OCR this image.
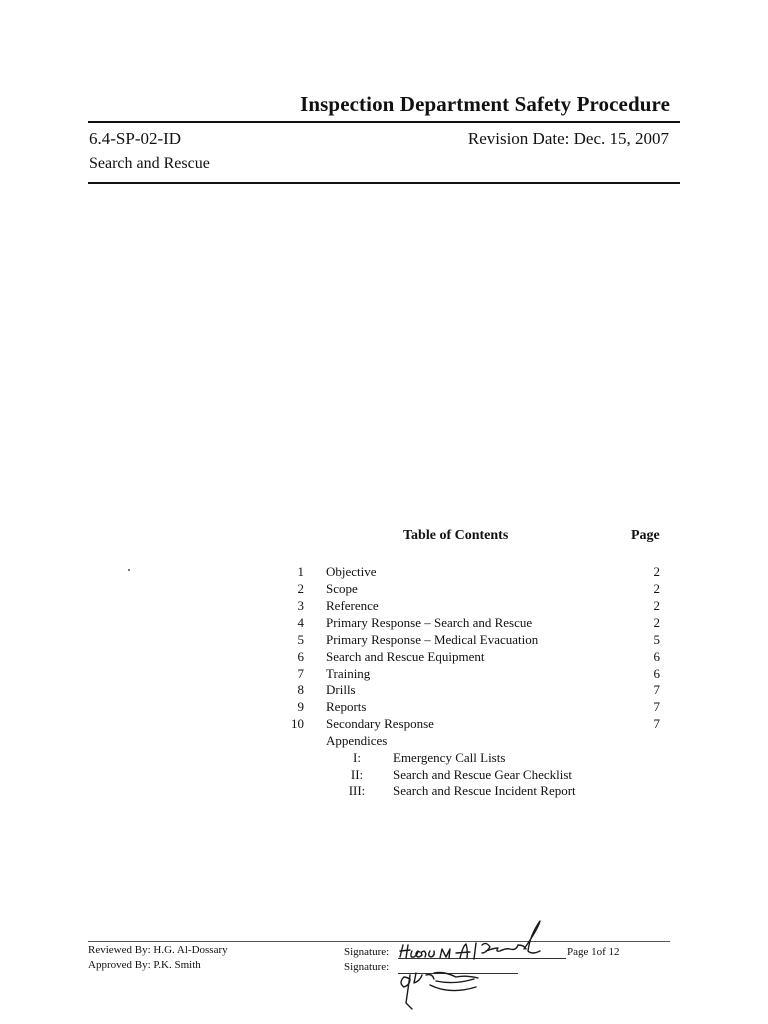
Inspection Department Safety Procedure
6.4-SP-02-ID	Revision Date: Dec. 15, 2007
Search and Rescue
Table of Contents	Page
1 Objective	2
2 Scope	2
3 Reference	2
4 Primary Response – Search and Rescue	2
5 Primary Response – Medical Evacuation	5
6 Search and Rescue Equipment	6
7 Training	6
8 Drills	7
9 Reports	7
10 Secondary Response	7
Appendices
I:	Emergency Call Lists
II:	Search and Rescue Gear Checklist
III:	Search and Rescue Incident Report
Reviewed By: H.G. Al-Dossary
Approved By: P.K. Smith
Signature:
Signature:
Page 1of 12
